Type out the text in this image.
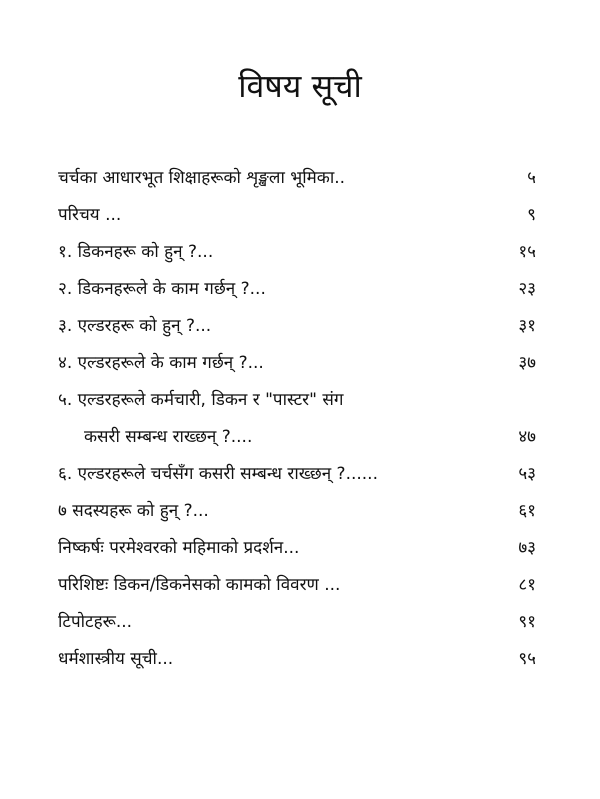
विषय सूची
चर्चका आधारभूत शिक्षाहरूको शृङ्खला भूमिका..	५
परिचय ...	९
१. डिकनहरू को हुन् ?...	१५
२. डिकनहरूले के काम गर्छन् ?...	२३
३. एल्डरहरू को हुन् ?...	३१
४. एल्डरहरूले के काम गर्छन् ?...	३७
५. एल्डरहरूले कर्मचारी, डिकन र "पास्टर" संग
कसरी सम्बन्ध राख्छन् ?....	४७
६. एल्डरहरूले चर्चसँग कसरी सम्बन्ध राख्छन् ?......	५३
७ सदस्यहरू को हुन् ?...	६१
निष्कर्षः परमेश्वरको महिमाको प्रदर्शन...	७३
परिशिष्टः डिकन/डिकनेसको कामको विवरण ...	८१
टिपोटहरू...	९१
धर्मशास्त्रीय सूची...	९५
